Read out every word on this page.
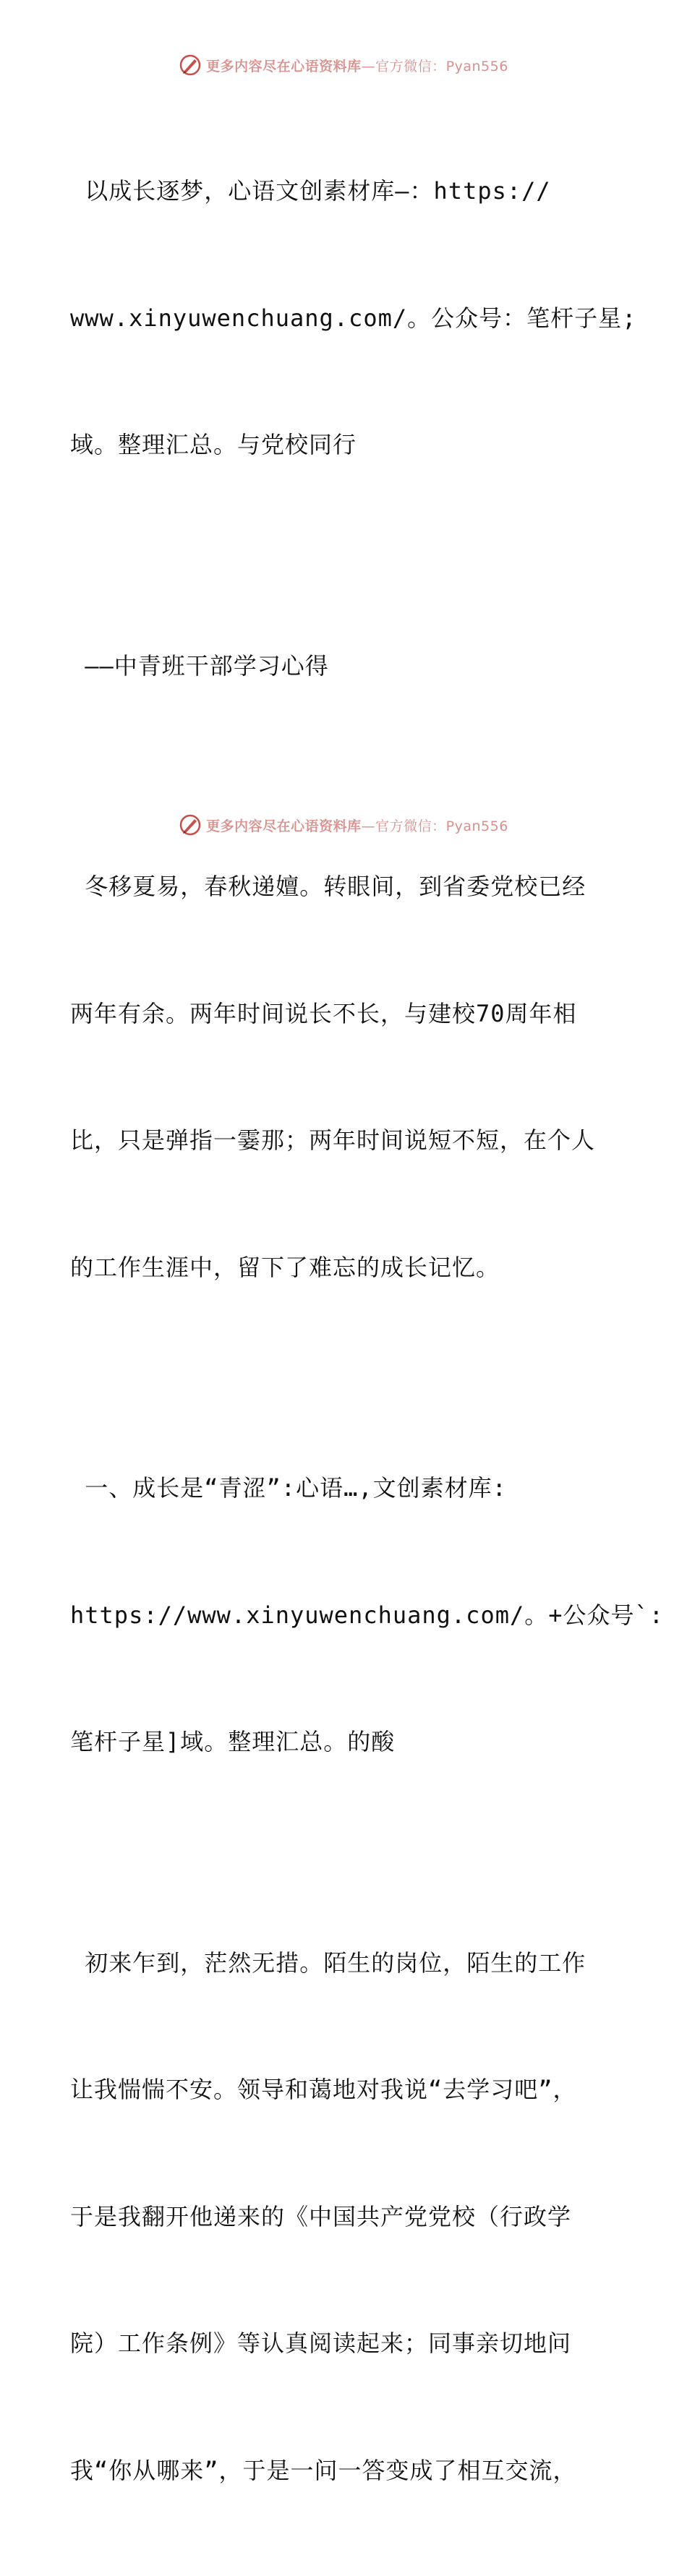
更多内容尽在心语资料库 —官方微信：Pyan556

以成长逐梦，心语文创素材库—：https://

www.xinyuwenchuang.com/。公众号：笔杆子星;

域。整理汇总。与党校同行

——中青班干部学习心得

冬移夏易，春秋递嬗。转眼间，到省委党校已经

两年有余。两年时间说长不长，与建校70周年相

比，只是弹指一霎那；两年时间说短不短，在个人

的工作生涯中，留下了难忘的成长记忆。

一、成长是“青涩”:心语…,文创素材库:

https://www.xinyuwenchuang.com/。+公众号`:

笔杆子星]域。整理汇总。的酸

初来乍到，茫然无措。陌生的岗位，陌生的工作

让我惴惴不安。领导和蔼地对我说“去学习吧”，

于是我翻开他递来的《中国共产党党校（行政学

院）工作条例》等认真阅读起来；同事亲切地问

我“你从哪来”，于是一问一答变成了相互交流，

更多内容尽在心语资料库 —官方微信：Pyan556
